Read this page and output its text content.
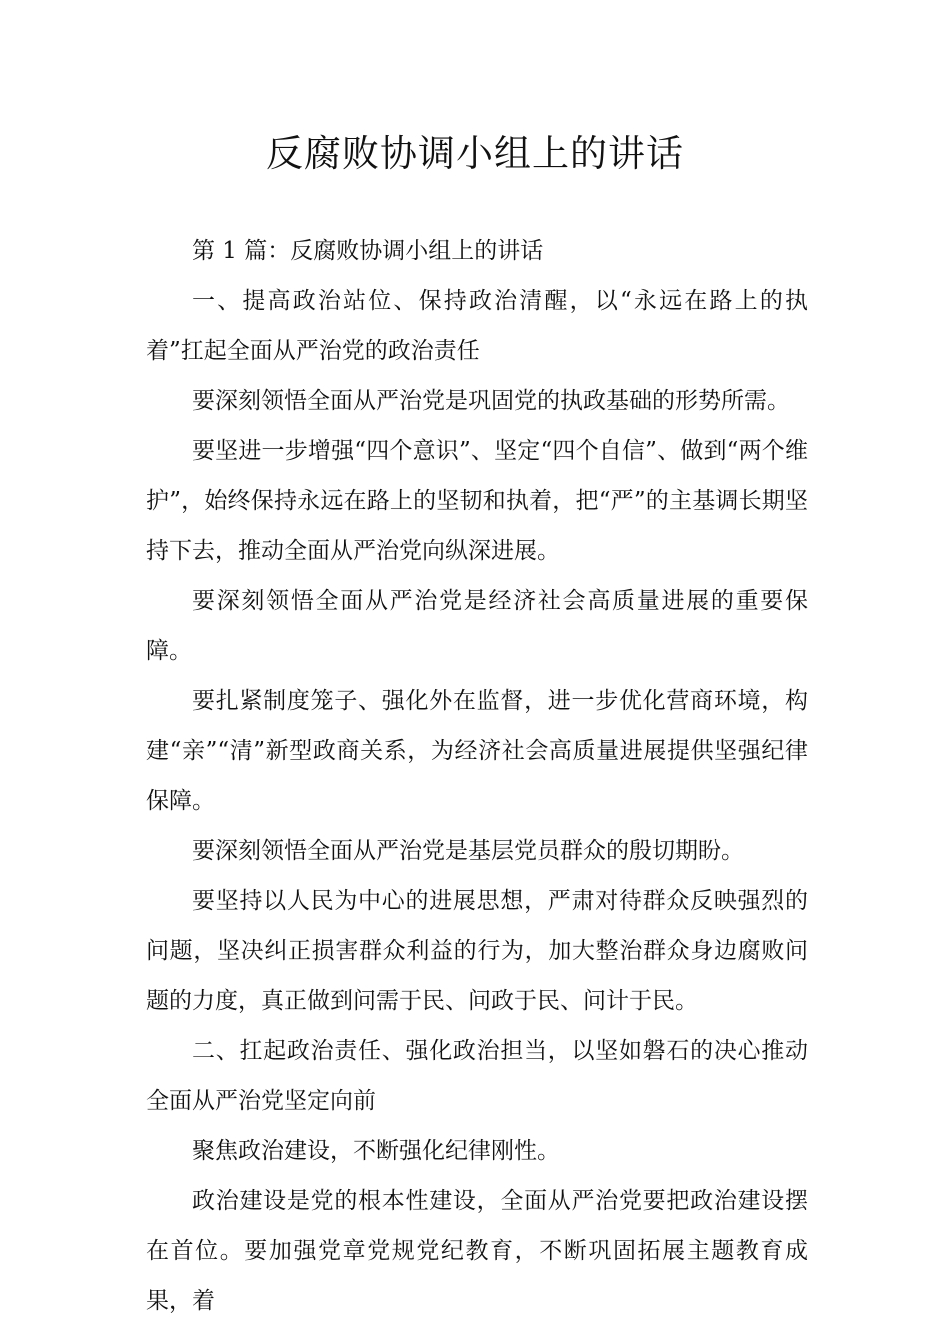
反腐败协调小组上的讲话

第 1 篇：反腐败协调小组上的讲话

一、提高政治站位、保持政治清醒，以“永远在路上的执着”扛起全面从严治党的政治责任

要深刻领悟全面从严治党是巩固党的执政基础的形势所需。

要坚进一步增强“四个意识”、坚定“四个自信”、做到“两个维护”，始终保持永远在路上的坚韧和执着，把“严”的主基调长期坚持下去，推动全面从严治党向纵深进展。

要深刻领悟全面从严治党是经济社会高质量进展的重要保障。

要扎紧制度笼子、强化外在监督，进一步优化营商环境，构建“亲”“清”新型政商关系，为经济社会高质量进展提供坚强纪律保障。

要深刻领悟全面从严治党是基层党员群众的殷切期盼。

要坚持以人民为中心的进展思想，严肃对待群众反映强烈的问题，坚决纠正损害群众利益的行为，加大整治群众身边腐败问题的力度，真正做到问需于民、问政于民、问计于民。

二、扛起政治责任、强化政治担当，以坚如磐石的决心推动全面从严治党坚定向前

聚焦政治建设，不断强化纪律刚性。

政治建设是党的根本性建设，全面从严治党要把政治建设摆在首位。要加强党章党规党纪教育，不断巩固拓展主题教育成果，着
